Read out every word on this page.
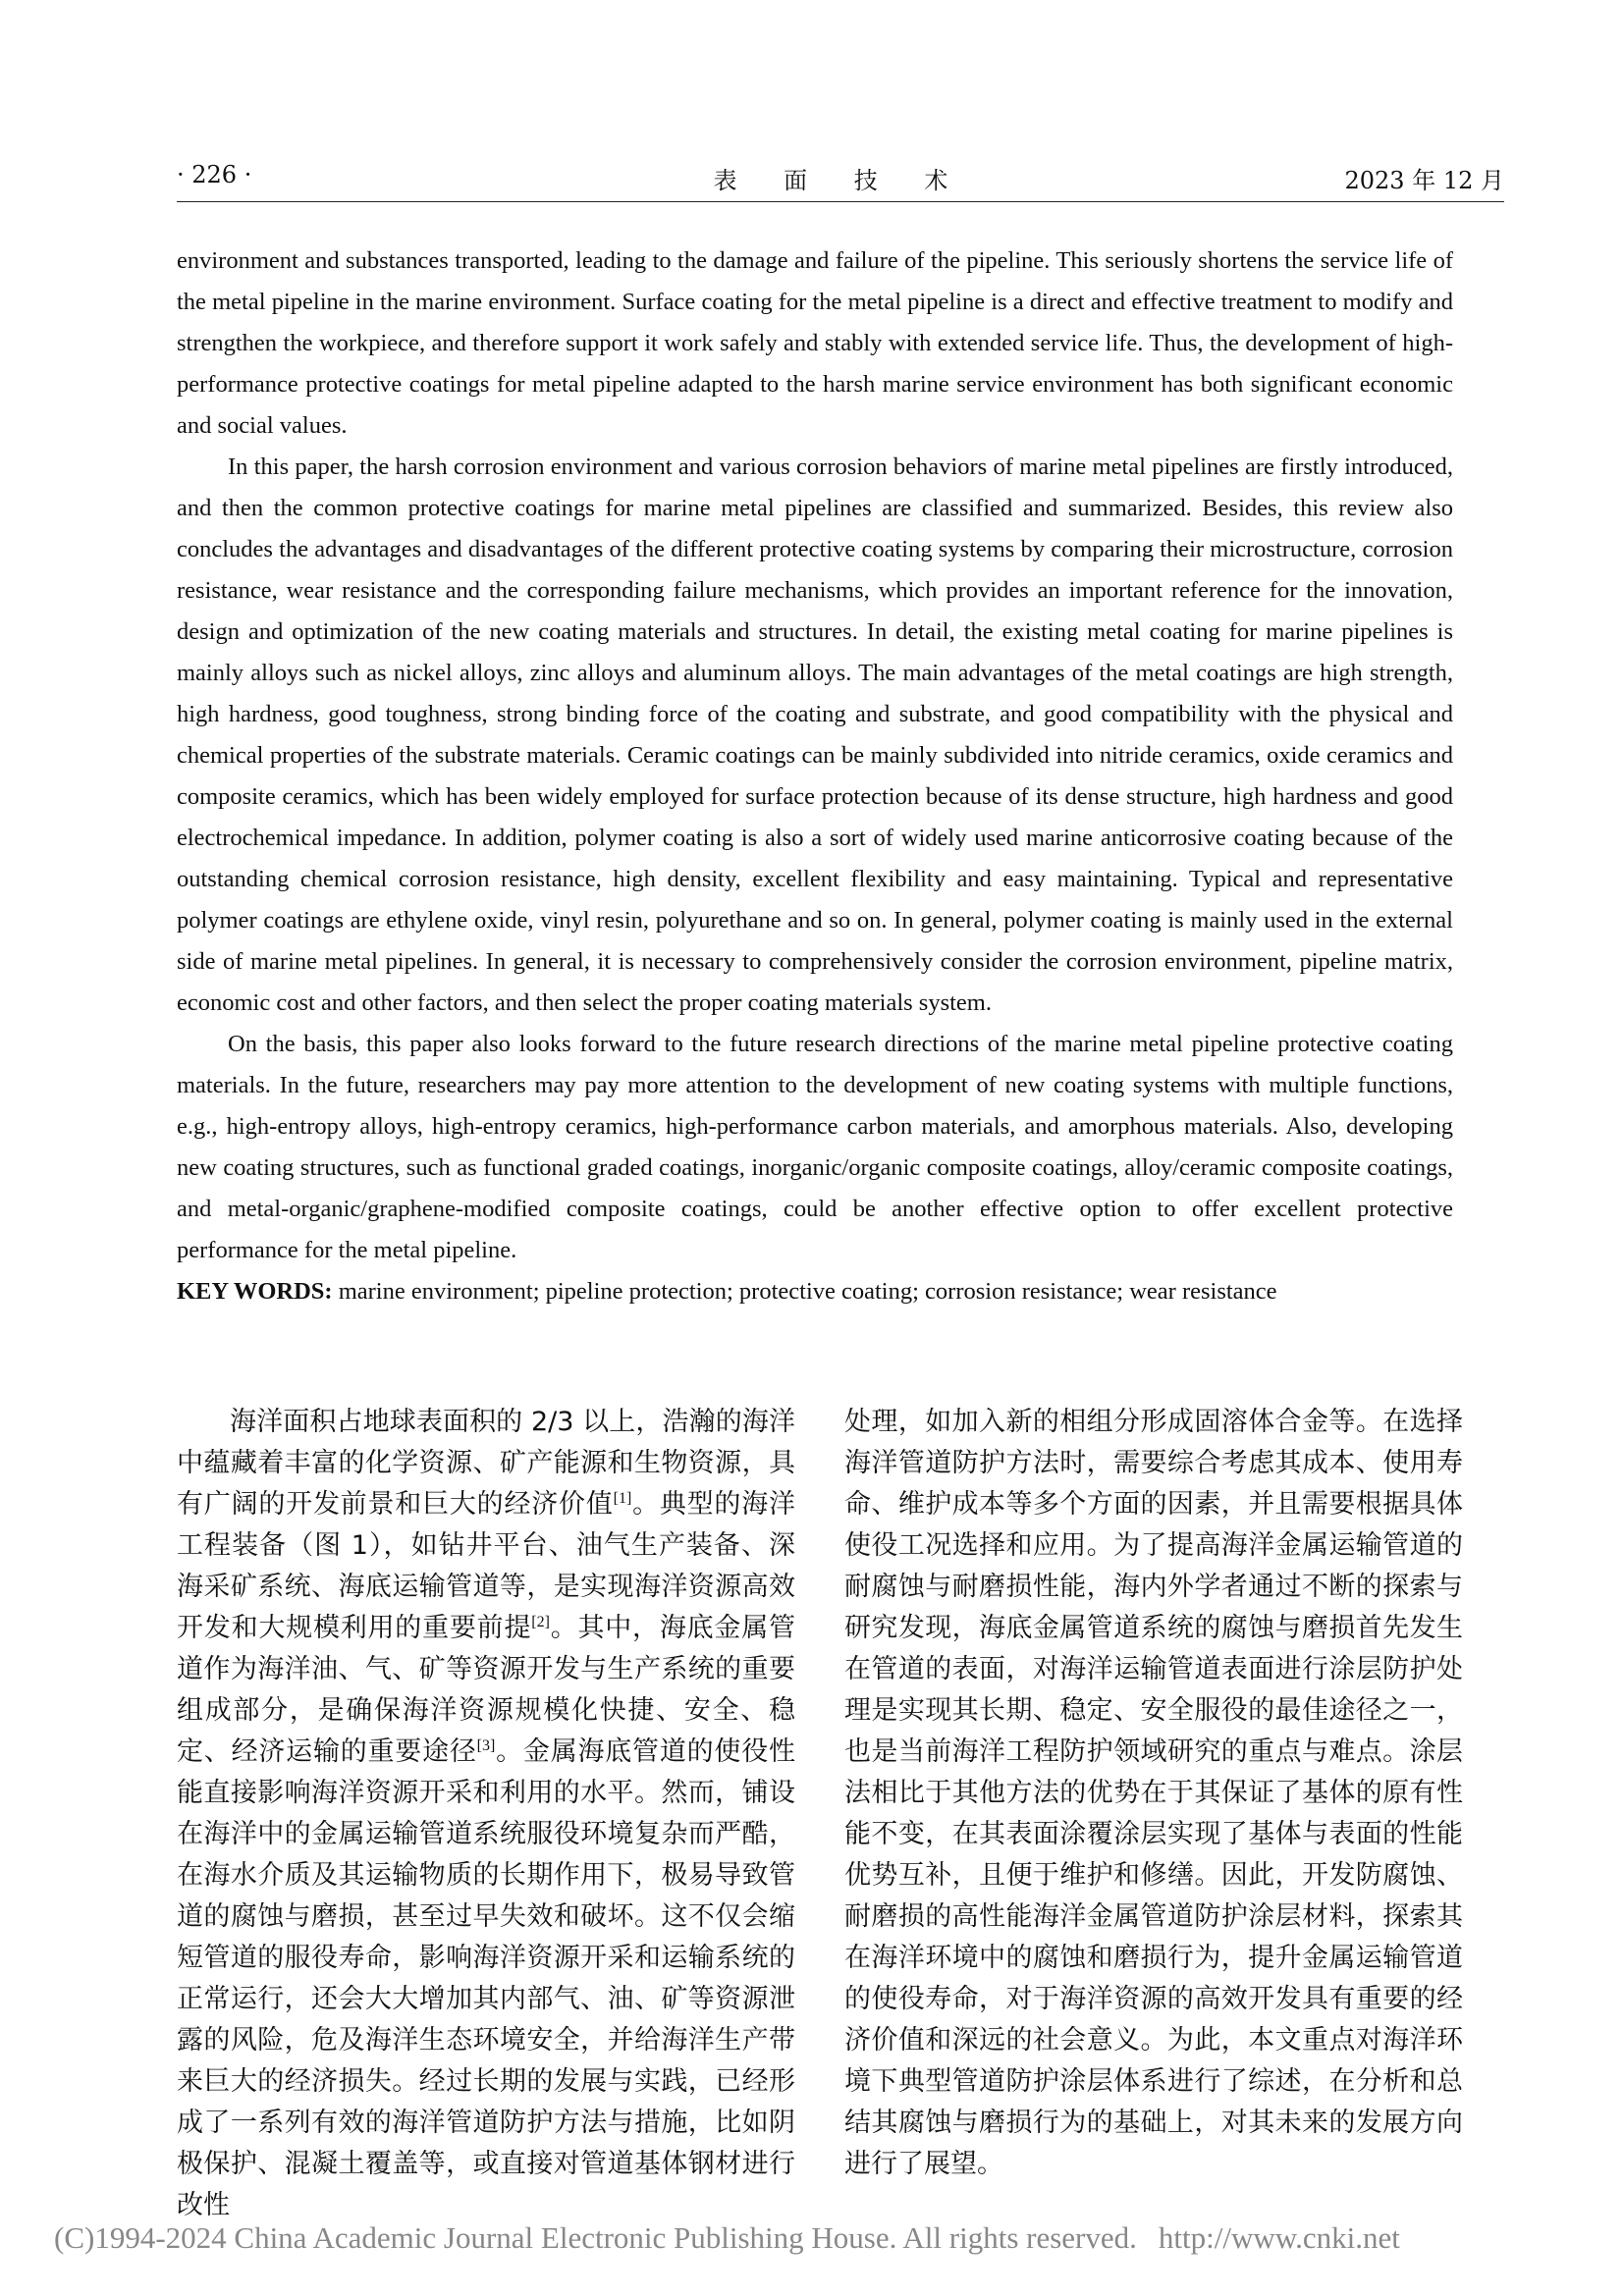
· 226 ·	表 面 技 术	2023 年 12 月

environment and substances transported, leading to the damage and failure of the pipeline. This seriously shortens the service life of the metal pipeline in the marine environment. Surface coating for the metal pipeline is a direct and effective treatment to modify and strengthen the workpiece, and therefore support it work safely and stably with extended service life. Thus, the development of high-performance protective coatings for metal pipeline adapted to the harsh marine service environment has both significant economic and social values.

In this paper, the harsh corrosion environment and various corrosion behaviors of marine metal pipelines are firstly introduced, and then the common protective coatings for marine metal pipelines are classified and summarized. Besides, this review also concludes the advantages and disadvantages of the different protective coating systems by comparing their microstructure, corrosion resistance, wear resistance and the corresponding failure mechanisms, which provides an important reference for the innovation, design and optimization of the new coating materials and structures. In detail, the existing metal coating for marine pipelines is mainly alloys such as nickel alloys, zinc alloys and aluminum alloys. The main advantages of the metal coatings are high strength, high hardness, good toughness, strong binding force of the coating and substrate, and good compatibility with the physical and chemical properties of the substrate materials. Ceramic coatings can be mainly subdivided into nitride ceramics, oxide ceramics and composite ceramics, which has been widely employed for surface protection because of its dense structure, high hardness and good electrochemical impedance. In addition, polymer coating is also a sort of widely used marine anticorrosive coating because of the outstanding chemical corrosion resistance, high density, excellent flexibility and easy maintaining. Typical and representative polymer coatings are ethylene oxide, vinyl resin, polyurethane and so on. In general, polymer coating is mainly used in the external side of marine metal pipelines. In general, it is necessary to comprehensively consider the corrosion environment, pipeline matrix, economic cost and other factors, and then select the proper coating materials system.

On the basis, this paper also looks forward to the future research directions of the marine metal pipeline protective coating materials. In the future, researchers may pay more attention to the development of new coating systems with multiple functions, e.g., high-entropy alloys, high-entropy ceramics, high-performance carbon materials, and amorphous materials. Also, developing new coating structures, such as functional graded coatings, inorganic/organic composite coatings, alloy/ceramic composite coatings, and metal-organic/graphene-modified composite coatings, could be another effective option to offer excellent protective performance for the metal pipeline.

KEY WORDS: marine environment; pipeline protection; protective coating; corrosion resistance; wear resistance

海洋面积占地球表面积的 2/3 以上，浩瀚的海洋中蕴藏着丰富的化学资源、矿产能源和生物资源，具有广阔的开发前景和巨大的经济价值[1]。典型的海洋工程装备（图 1），如钻井平台、油气生产装备、深海采矿系统、海底运输管道等，是实现海洋资源高效开发和大规模利用的重要前提[2]。其中，海底金属管道作为海洋油、气、矿等资源开发与生产系统的重要组成部分，是确保海洋资源规模化快捷、安全、稳定、经济运输的重要途径[3]。金属海底管道的使役性能直接影响海洋资源开采和利用的水平。然而，铺设在海洋中的金属运输管道系统服役环境复杂而严酷，在海水介质及其运输物质的长期作用下，极易导致管道的腐蚀与磨损，甚至过早失效和破坏。这不仅会缩短管道的服役寿命，影响海洋资源开采和运输系统的正常运行，还会大大增加其内部气、油、矿等资源泄露的风险，危及海洋生态环境安全，并给海洋生产带来巨大的经济损失。经过长期的发展与实践，已经形成了一系列有效的海洋管道防护方法与措施，比如阴极保护、混凝土覆盖等，或直接对管道基体钢材进行改性

处理，如加入新的相组分形成固溶体合金等。在选择海洋管道防护方法时，需要综合考虑其成本、使用寿命、维护成本等多个方面的因素，并且需要根据具体使役工况选择和应用。为了提高海洋金属运输管道的耐腐蚀与耐磨损性能，海内外学者通过不断的探索与研究发现，海底金属管道系统的腐蚀与磨损首先发生在管道的表面，对海洋运输管道表面进行涂层防护处理是实现其长期、稳定、安全服役的最佳途径之一，也是当前海洋工程防护领域研究的重点与难点。涂层法相比于其他方法的优势在于其保证了基体的原有性能不变，在其表面涂覆涂层实现了基体与表面的性能优势互补，且便于维护和修缮。因此，开发防腐蚀、耐磨损的高性能海洋金属管道防护涂层材料，探索其在海洋环境中的腐蚀和磨损行为，提升金属运输管道的使役寿命，对于海洋资源的高效开发具有重要的经济价值和深远的社会意义。为此，本文重点对海洋环境下典型管道防护涂层体系进行了综述，在分析和总结其腐蚀与磨损行为的基础上，对其未来的发展方向进行了展望。

(C)1994-2024 China Academic Journal Electronic Publishing House. All rights reserved. http://www.cnki.net
